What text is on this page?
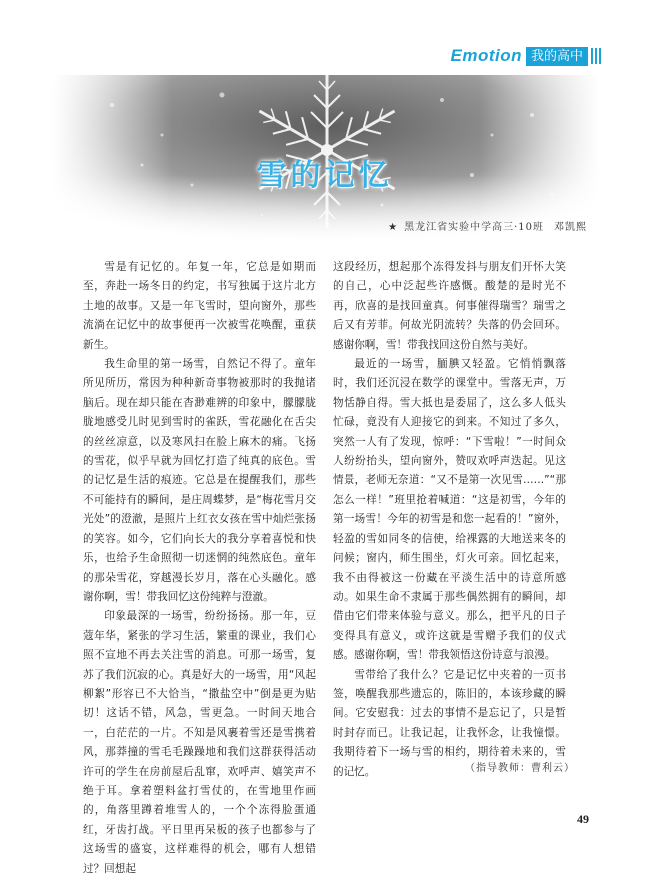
Emotion 我的高中
雪的记忆
★ 黑龙江省实验中学高三·10班 邓凯熙

雪是有记忆的。年复一年，它总是如期而至，奔赴一场冬日的约定，书写独属于这片北方土地的故事。又是一年飞雪时，望向窗外，那些流淌在记忆中的故事便再一次被雪花唤醒，重获新生。

我生命里的第一场雪，自然记不得了。童年所见所历，常因为种种新奇事物被那时的我抛诸脑后。现在却只能在杳渺难辨的印象中，朦朦胧胧地感受儿时见到雪时的雀跃，雪花融化在舌尖的丝丝凉意，以及寒风扫在脸上麻木的痛。飞扬的雪花，似乎早就为回忆打造了纯真的底色。雪的记忆是生活的痕迹。它总是在提醒我们，那些不可能持有的瞬间，是庄周蝶梦，是“梅花雪月交光处”的澄澈，是照片上红衣女孩在雪中灿烂张扬的笑容。如今，它们向长大的我分享着喜悦和快乐，也给予生命照彻一切迷惘的纯然底色。童年的那朵雪花，穿越漫长岁月，落在心头融化。感谢你啊，雪！带我回忆这份纯粹与澄澈。

印象最深的一场雪，纷纷扬扬。那一年，豆蔻年华，紧张的学习生活，繁重的课业，我们心照不宣地不再去关注雪的消息。可那一场雪，复苏了我们沉寂的心。真是好大的一场雪，用“风起柳絮”形容已不大恰当，“撒盐空中”倒是更为贴切！这话不错，风急，雪更急。一时间天地合一，白茫茫的一片。不知是风裹着雪还是雪携着风，那莽撞的雪毛毛躁躁地和我们这群获得活动许可的学生在房前屋后乱窜，欢呼声、嬉笑声不绝于耳。拿着塑料盆打雪仗的，在雪地里作画的，角落里蹲着堆雪人的，一个个冻得脸蛋通红，牙齿打战。平日里再呆板的孩子也都参与了这场雪的盛宴，这样难得的机会，哪有人想错过？回想起

这段经历，想起那个冻得发抖与朋友们开怀大笑的自己，心中泛起些许感慨。酸楚的是时光不再，欣喜的是找回童真。何事催得瑞雪？瑞雪之后又有芳菲。何故光阴流转？失落的仍会回环。感谢你啊，雪！带我找回这份自然与美好。

最近的一场雪，腼腆又轻盈。它悄悄飘落时，我们还沉浸在数学的课堂中。雪落无声，万物恬静自得。雪大抵也是委屈了，这么多人低头忙碌，竟没有人迎接它的到来。不知过了多久，突然一人有了发现，惊呼：“下雪啦！”一时间众人纷纷抬头，望向窗外，赞叹欢呼声迭起。见这情景，老师无奈道：“又不是第一次见雪……”“那怎么一样！”班里抢着喊道：“这是初雪，今年的第一场雪！今年的初雪是和您一起看的！”窗外，轻盈的雪如同冬的信使，给裸露的大地送来冬的问候；窗内，师生围坐，灯火可亲。回忆起来，我不由得被这一份藏在平淡生活中的诗意所感动。如果生命不隶属于那些偶然拥有的瞬间，却借由它们带来体验与意义。那么，把平凡的日子变得具有意义，或许这就是雪赠予我们的仪式感。感谢你啊，雪！带我领悟这份诗意与浪漫。

雪带给了我什么？它是记忆中夹着的一页书签，唤醒我那些遗忘的，陈旧的，本该珍藏的瞬间。它安慰我：过去的事情不是忘记了，只是暂时封存而已。让我记起，让我怀念，让我憧憬。我期待着下一场与雪的相约，期待着未来的，雪的记忆。	（指导教师：曹利云）
49
